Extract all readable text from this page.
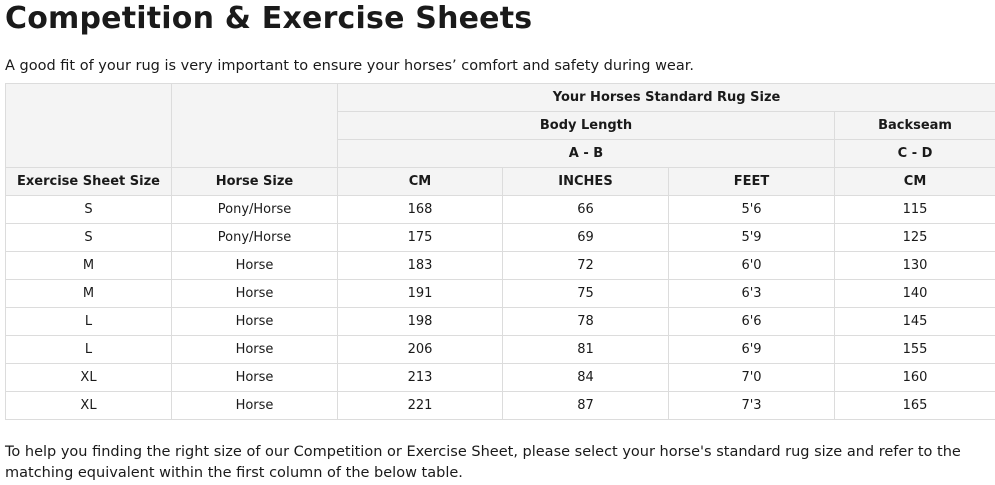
Competition & Exercise Sheets

A good fit of your rug is very important to ensure your horses’ comfort and safety during wear.

		Your Horses Standard Rug Size			
		Body Length			Backseam
		A - B			C - D
Exercise Sheet Size	Horse Size	CM	INCHES	FEET	CM
S	Pony/Horse	168	66	5'6	115
S	Pony/Horse	175	69	5'9	125
M	Horse	183	72	6'0	130
M	Horse	191	75	6'3	140
L	Horse	198	78	6'6	145
L	Horse	206	81	6'9	155
XL	Horse	213	84	7'0	160
XL	Horse	221	87	7'3	165

To help you finding the right size of our Competition or Exercise Sheet, please select your horse's standard rug size and refer to the matching equivalent within the first column of the below table.
